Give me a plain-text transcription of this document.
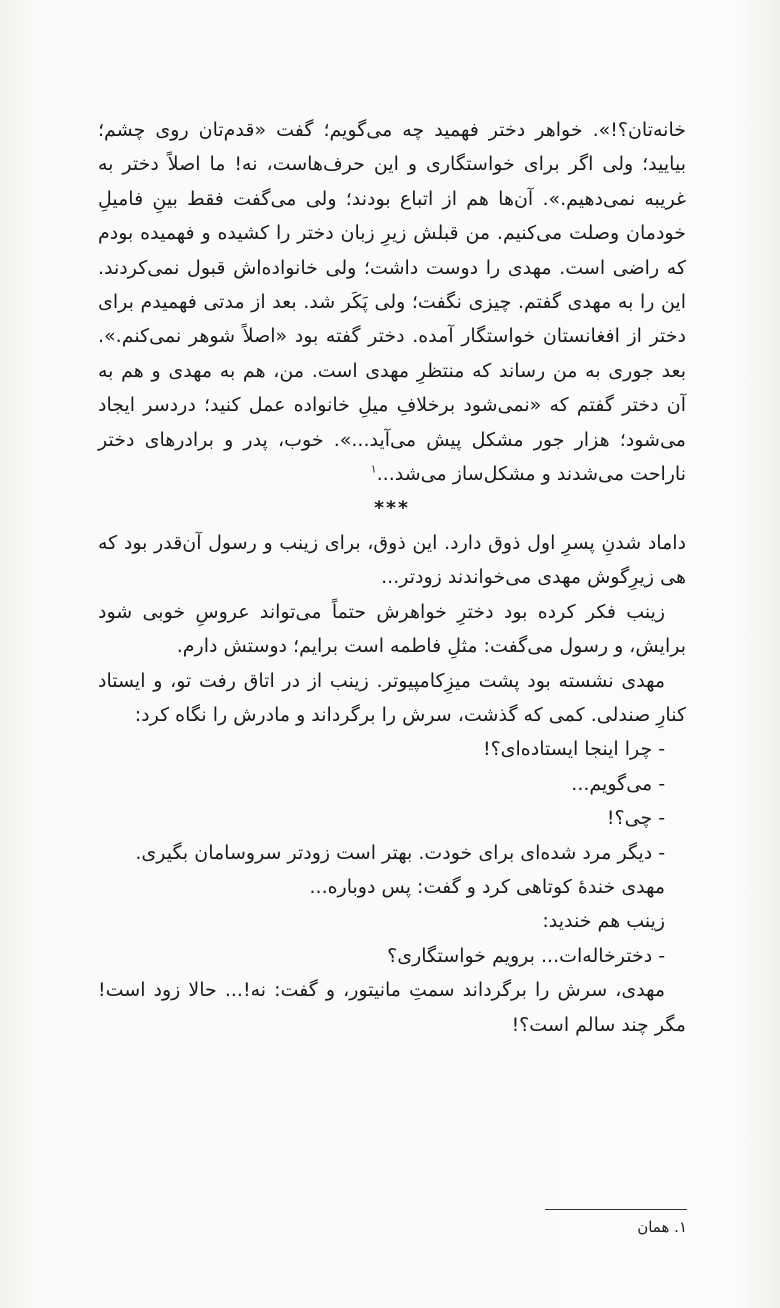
خانه‌تان؟!». خواهر دختر فهمید چه می‌گویم؛ گفت «قدم‌تان روی چشم؛ بیایید؛ ولی اگر برای خواستگاری و این حرف‌هاست، نه! ما اصلاً دختر به غریبه نمی‌دهیم.». آن‌ها هم از اتباع بودند؛ ولی می‌گفت فقط بینِ فامیلِ خودمان وصلت می‌کنیم. من قبلش زیرِ زبان دختر را کشیده و فهمیده بودم که راضی است. مهدی را دوست داشت؛ ولی خانواده‌اش قبول نمی‌کردند. این را به مهدی گفتم. چیزی نگفت؛ ولی پَکَر شد. بعد از مدتی فهمیدم برای دختر از افغانستان خواستگار آمده. دختر گفته بود «اصلاً شوهر نمی‌کنم.». بعد جوری به من رساند که منتظرِ مهدی است. من، هم به مهدی و هم به آن دختر گفتم که «نمی‌شود برخلافِ میلِ خانواده عمل کنید؛ دردسر ایجاد می‌شود؛ هزار جور مشکل پیش می‌آید...». خوب، پدر و برادرهای دختر ناراحت می‌شدند و مشکل‌ساز می‌شد...$^۱$

***

داماد شدنِ پسرِ اول ذوق دارد. این ذوق، برای زینب و رسول آن‌قدر بود که هی زیرِگوش مهدی می‌خواندند زودتر...

زینب فکر کرده بود دخترِ خواهرش حتماً می‌تواند عروسِ خوبی شود برایش، و رسول می‌گفت: مثلِ فاطمه است برایم؛ دوستش دارم.

مهدی نشسته بود پشت میزِکامپیوتر. زینب از در اتاق رفت تو، و ایستاد کنارِ صندلی. کمی که گذشت، سرش را برگرداند و مادرش را نگاه کرد:

- چرا اینجا ایستاده‌ای؟!

- می‌گویم...

- چی؟!

- دیگر مرد شده‌ای برای خودت. بهتر است زودتر سروسامان بگیری.

مهدی خندهٔ کوتاهی کرد و گفت: پس دوباره...

زینب هم خندید:

- دخترخاله‌ات... برویم خواستگاری؟

مهدی، سرش را برگرداند سمتِ مانیتور، و گفت: نه!... حالا زود است! مگر چند سالم است؟!

۱. همان
